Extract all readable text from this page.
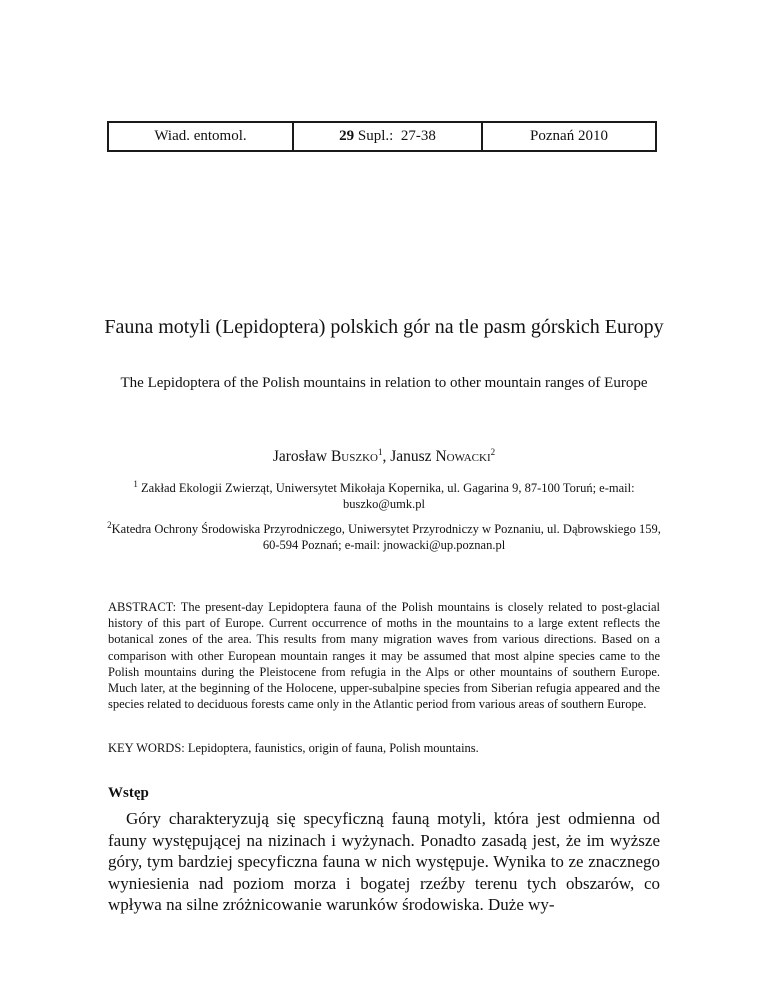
Wiad. entomol.	29 Supl.:  27-38	Poznań 2010
Fauna motyli (Lepidoptera) polskich gór na tle pasm górskich Europy
The Lepidoptera of the Polish mountains in relation to other mountain ranges of Europe
Jarosław Buszko$^1$, Janusz Nowacki$^2$
$^1$ Zakład Ekologii Zwierząt, Uniwersytet Mikołaja Kopernika, ul. Gagarina 9, 87-100 Toruń; e-mail: buszko@umk.pl
$^2$Katedra Ochrony Środowiska Przyrodniczego, Uniwersytet Przyrodniczy w Poznaniu, ul. Dąbrowskiego 159, 60-594 Poznań; e-mail: jnowacki@up.poznan.pl
ABSTRACT: The present-day Lepidoptera fauna of the Polish mountains is closely related to post-glacial history of this part of Europe. Current occurrence of moths in the mountains to a large extent reflects the botanical zones of the area. This results from many migration waves from various directions. Based on a comparison with other European mountain ranges it may be assumed that most alpine species came to the Polish mountains during the Pleistocene from refugia in the Alps or other mountains of southern Europe. Much later, at the beginning of the Holocene, upper-subalpine species from Siberian refugia appeared and the species related to deciduous forests came only in the Atlantic period from various areas of southern Europe.
KEY WORDS: Lepidoptera, faunistics, origin of fauna, Polish mountains.
Wstęp
Góry charakteryzują się specyficzną fauną motyli, która jest odmienna od fauny występującej na nizinach i wyżynach. Ponadto zasadą jest, że im wyższe góry, tym bardziej specyficzna fauna w nich występuje. Wynika to ze znacznego wyniesienia nad poziom morza i bogatej rzeźby terenu tych obszarów, co wpływa na silne zróżnicowanie warunków środowiska. Duże wy-
